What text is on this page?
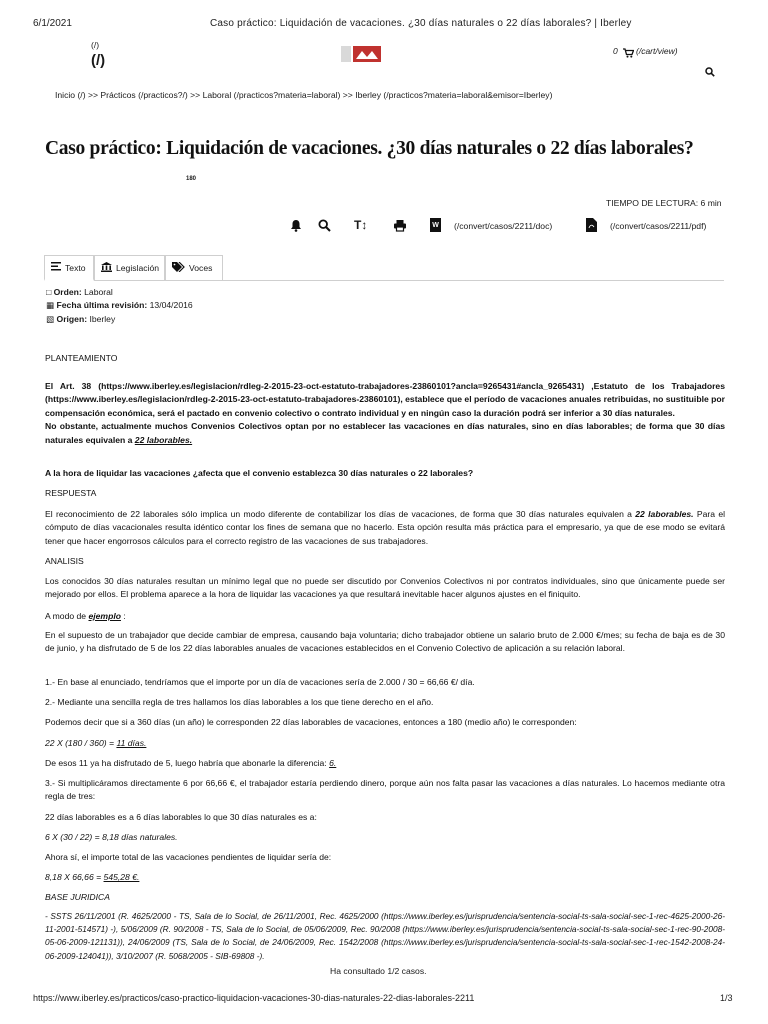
6/1/2021	Caso práctico: Liquidación de vacaciones. ¿30 días naturales o 22 días laborales? | Iberley
(/)
(/)
0 (/cart/view)
Inicio (/) >> Prácticos (/practicos?/) >> Laboral (/practicos?materia=laboral) >> Iberley (/practicos?materia=laboral&emisor=Iberley)
Caso práctico: Liquidación de vacaciones. ¿30 días naturales o 22 días laborales?
180
TIEMPO DE LECTURA: 6 min
T↕	W (/convert/casos/2211/doc)	(/convert/casos/2211/pdf)
Texto	Legislación	Voces
□ Orden: Laboral
▦ Fecha última revisión: 13/04/2016
▧ Origen: Iberley
PLANTEAMIENTO
El Art. 38 (https://www.iberley.es/legislacion/rdleg-2-2015-23-oct-estatuto-trabajadores-23860101?ancla=9265431#ancla_9265431) ,Estatuto de los Trabajadores (https://www.iberley.es/legislacion/rdleg-2-2015-23-oct-estatuto-trabajadores-23860101), establece que el período de vacaciones anuales retribuidas, no sustituible por compensación económica, será el pactado en convenio colectivo o contrato individual y en ningún caso la duración podrá ser inferior a 30 días naturales.
No obstante, actualmente muchos Convenios Colectivos optan por no establecer las vacaciones en días naturales, sino en días laborables; de forma que 30 días naturales equivalen a 22 laborables.
A la hora de liquidar las vacaciones ¿afecta que el convenio establezca 30 días naturales o 22 laborales?
RESPUESTA
El reconocimiento de 22 laborales sólo implica un modo diferente de contabilizar los días de vacaciones, de forma que 30 días naturales equivalen a 22 laborables. Para el cómputo de días vacacionales resulta idéntico contar los fines de semana que no hacerlo. Esta opción resulta más práctica para el empresario, ya que de ese modo se evitará tener que hacer engorrosos cálculos para el correcto registro de las vacaciones de sus trabajadores.
ANALISIS
Los conocidos 30 días naturales resultan un mínimo legal que no puede ser discutido por Convenios Colectivos ni por contratos individuales, sino que únicamente puede ser mejorado por ellos. El problema aparece a la hora de liquidar las vacaciones ya que resultará inevitable hacer algunos ajustes en el finiquito.
A modo de ejemplo :
En el supuesto de un trabajador que decide cambiar de empresa, causando baja voluntaria; dicho trabajador obtiene un salario bruto de 2.000 €/mes; su fecha de baja es de 30 de junio, y ha disfrutado de 5 de los 22 días laborables anuales de vacaciones establecidos en el Convenio Colectivo de aplicación a su relación laboral.
1.- En base al enunciado, tendríamos que el importe por un día de vacaciones sería de 2.000 / 30 = 66,66 €/ día.
2.- Mediante una sencilla regla de tres hallamos los días laborables a los que tiene derecho en el año.
Podemos decir que si a 360 días (un año) le corresponden 22 días laborables de vacaciones, entonces a 180 (medio año) le corresponden:
22 X (180 / 360) = 11 días.
De esos 11 ya ha disfrutado de 5, luego habría que abonarle la diferencia: 6.
3.- Si multiplicáramos directamente 6 por 66,66 €, el trabajador estaría perdiendo dinero, porque aún nos falta pasar las vacaciones a días naturales. Lo hacemos mediante otra regla de tres:
22 días laborables es a 6 días laborables lo que 30 días naturales es a:
6 X (30 / 22) = 8,18 días naturales.
Ahora sí, el importe total de las vacaciones pendientes de liquidar sería de:
8,18 X 66,66 = 545,28 €.
BASE JURIDICA
- SSTS 26/11/2001 (R. 4625/2000 - TS, Sala de lo Social, de 26/11/2001, Rec. 4625/2000 (https://www.iberley.es/jurisprudencia/sentencia-social-ts-sala-social-sec-1-rec-4625-2000-26-11-2001-514571) -), 5/06/2009 (R. 90/2008 - TS, Sala de lo Social, de 05/06/2009, Rec. 90/2008 (https://www.iberley.es/jurisprudencia/sentencia-social-ts-sala-social-sec-1-rec-90-2008-05-06-2009-121131)), 24/06/2009 (TS, Sala de lo Social, de 24/06/2009, Rec. 1542/2008 (https://www.iberley.es/jurisprudencia/sentencia-social-ts-sala-social-sec-1-rec-1542-2008-24-06-2009-124041)), 3/10/2007 (R. 5068/2005 - SIB-69808 -).
Ha consultado 1/2 casos.
https://www.iberley.es/practicos/caso-practico-liquidacion-vacaciones-30-dias-naturales-22-dias-laborales-2211	1/3
